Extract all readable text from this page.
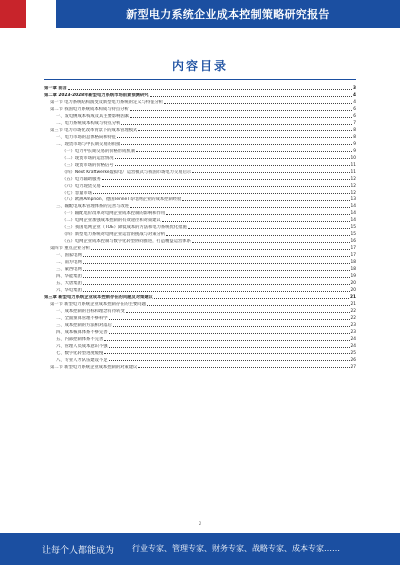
新型电力系统企业成本控制策略研究报告
内容目录
第一章 前言	3
第二章 2023-2028年新型电力系统市场前景预测研究	4
第一节 电力系统结构演变及新型电力系统的定义与特征分析	4
第二节 我国电力系统成本构成与特点分析	6
一、发电侧成本构成及其主要影响因素	6
二、电力系统成本构成与特点分析	7
第三节 电力市场化改革背景下的成本管理模式	8
一、电力市场的总体格局和特征	8
二、现货市场与中长期交易的衔接	9
（一）电力中长期交易的价格形成机制	9
（二）现货市场的运营情况	10
（三）现货市场的价格信号	11
（四）Next Kraftwerke虚拟电厂运营模式与我国市场电力交易启示	11
（五）电力辅助服务	12
（六）电力现货交易	12
（七）容量市场	12
（八）欧洲Amprion、德国TenneT等电网企业的成本控制经验	13
三、输配电成本管理体系的完善与改进	14
（一）输配电价改革对电网企业成本控制的影响和作用	14
（二）电网企业加强成本控制的有效途径和对策建议	14
（三）我国电网企业（TOE）降低成本的方法和电力系统优化措施	15
（四）新型电力系统对电网企业运营的挑战与对策分析	15
（五）电网企业成本控制与数字化转型协同推进，打造精益运营体系	16
第四节 重点企业分析	17
一、国家电网	17
二、南方电网	18
三、蒙西电网	18
四、华能集团	19
五、大唐集团	20
六、华电集团	20
第三章 新型电力系统企业成本控制存在的问题及对策建议	21
第一节 新型电力系统企业成本控制存在的主要问题	21
一、成本控制的目标和理念有待转变	22
二、全面预算管理不够科学	22
三、成本控制的方法相对落后	23
四、成本核算体系不够完善	23
五、内部控制体系不完善	24
六、管理人员成本意识不强	24
七、数字化转型进度缓慢	25
八、专业人才队伍建设不足	26
第二节 新型电力系统企业成本控制的对策建议	27
2
让每个人都能成为 行业专家、管理专家、财务专家、战略专家、成本专家……
